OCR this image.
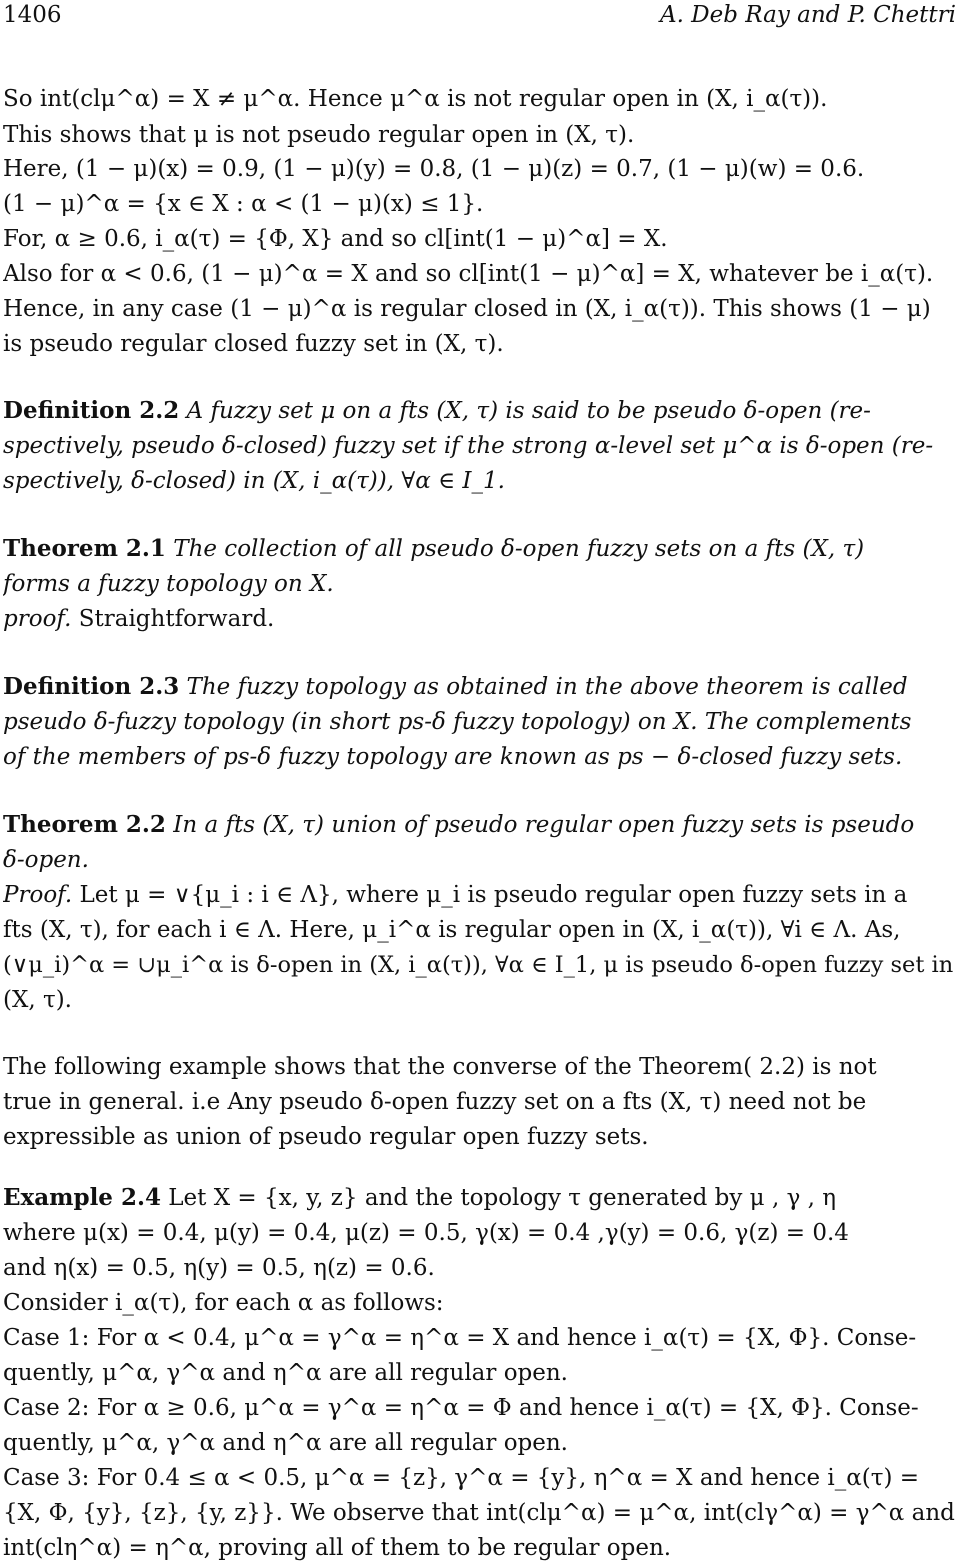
1406	A. Deb Ray and P. Chettri
So int(clμ^α) = X ≠ μ^α. Hence μ^α is not regular open in (X, i_α(τ)).
This shows that μ is not pseudo regular open in (X, τ).
Here, (1 − μ)(x) = 0.9, (1 − μ)(y) = 0.8, (1 − μ)(z) = 0.7, (1 − μ)(w) = 0.6.
(1 − μ)^α = {x ∈ X : α < (1 − μ)(x) ≤ 1}.
For, α ≥ 0.6, i_α(τ) = {Φ, X} and so cl[int(1 − μ)^α] = X.
Also for α < 0.6, (1 − μ)^α = X and so cl[int(1 − μ)^α] = X, whatever be i_α(τ).
Hence, in any case (1 − μ)^α is regular closed in (X, i_α(τ)). This shows (1 − μ)
is pseudo regular closed fuzzy set in (X, τ).
Definition 2.2 A fuzzy set μ on a fts (X, τ) is said to be pseudo δ-open (re-
spectively, pseudo δ-closed) fuzzy set if the strong α-level set μ^α is δ-open (re-
spectively, δ-closed) in (X, i_α(τ)), ∀α ∈ I_1.
Theorem 2.1 The collection of all pseudo δ-open fuzzy sets on a fts (X, τ)
forms a fuzzy topology on X.
proof. Straightforward.
Definition 2.3 The fuzzy topology as obtained in the above theorem is called
pseudo δ-fuzzy topology (in short ps-δ fuzzy topology) on X. The complements
of the members of ps-δ fuzzy topology are known as ps − δ-closed fuzzy sets.
Theorem 2.2 In a fts (X, τ) union of pseudo regular open fuzzy sets is pseudo
δ-open.
Proof. Let μ = ∨{μ_i : i ∈ Λ}, where μ_i is pseudo regular open fuzzy sets in a
fts (X, τ), for each i ∈ Λ. Here, μ_i^α is regular open in (X, i_α(τ)), ∀i ∈ Λ. As,
(∨μ_i)^α = ∪μ_i^α is δ-open in (X, i_α(τ)), ∀α ∈ I_1, μ is pseudo δ-open fuzzy set in
(X, τ).
The following example shows that the converse of the Theorem( 2.2) is not
true in general. i.e Any pseudo δ-open fuzzy set on a fts (X, τ) need not be
expressible as union of pseudo regular open fuzzy sets.
Example 2.4 Let X = {x, y, z} and the topology τ generated by μ , γ , η
where μ(x) = 0.4, μ(y) = 0.4, μ(z) = 0.5, γ(x) = 0.4 ,γ(y) = 0.6, γ(z) = 0.4
and η(x) = 0.5, η(y) = 0.5, η(z) = 0.6.
Consider i_α(τ), for each α as follows:
Case 1: For α < 0.4, μ^α = γ^α = η^α = X and hence i_α(τ) = {X, Φ}. Conse-
quently, μ^α, γ^α and η^α are all regular open.
Case 2: For α ≥ 0.6, μ^α = γ^α = η^α = Φ and hence i_α(τ) = {X, Φ}. Conse-
quently, μ^α, γ^α and η^α are all regular open.
Case 3: For 0.4 ≤ α < 0.5, μ^α = {z}, γ^α = {y}, η^α = X and hence i_α(τ) =
{X, Φ, {y}, {z}, {y, z}}. We observe that int(clμ^α) = μ^α, int(clγ^α) = γ^α and
int(clη^α) = η^α, proving all of them to be regular open.
